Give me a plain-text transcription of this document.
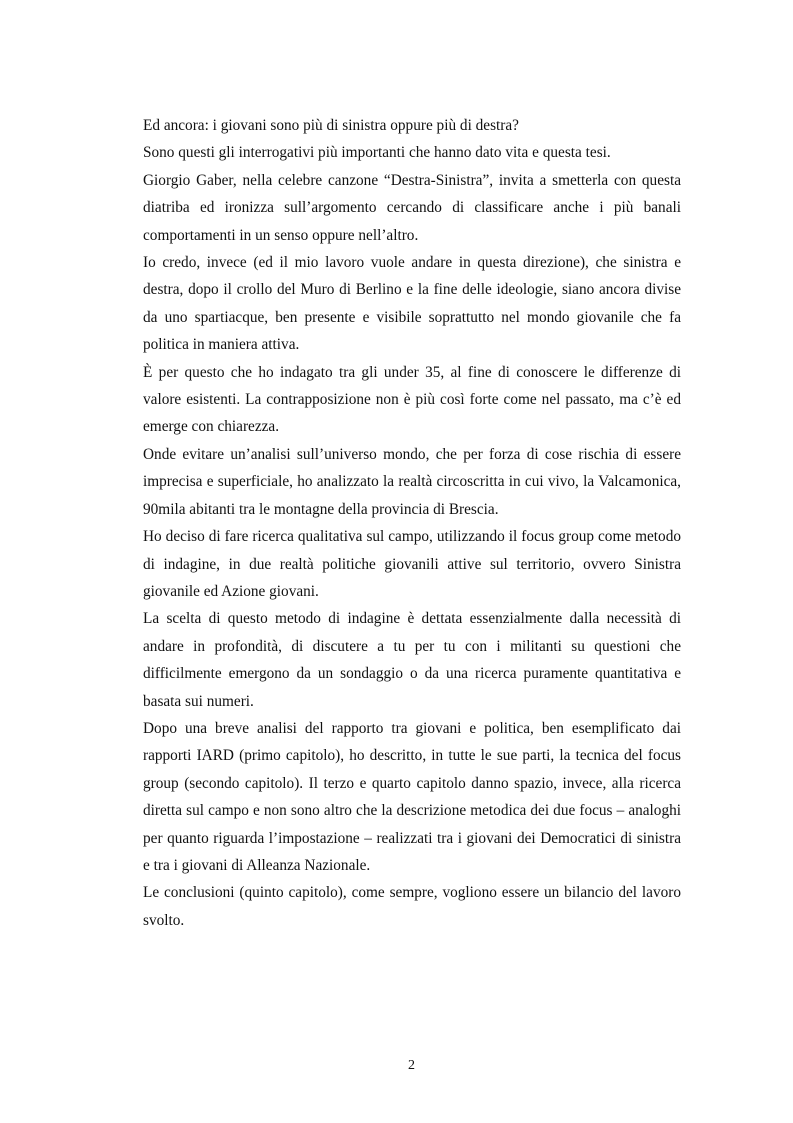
Ed ancora: i giovani sono più di sinistra oppure più di destra?

Sono questi gli interrogativi più importanti che hanno dato vita e questa tesi.

Giorgio Gaber, nella celebre canzone “Destra-Sinistra”, invita a smetterla con questa diatriba ed ironizza sull’argomento cercando di classificare anche i più banali comportamenti in un senso oppure nell’altro.

Io credo, invece (ed il mio lavoro vuole andare in questa direzione), che sinistra e destra, dopo il crollo del Muro di Berlino e la fine delle ideologie, siano ancora divise da uno spartiacque, ben presente e visibile soprattutto nel mondo giovanile che fa politica in maniera attiva.

È per questo che ho indagato tra gli under 35, al fine di conoscere le differenze di valore esistenti. La contrapposizione non è più così forte come nel passato, ma c’è ed emerge con chiarezza.

Onde evitare un’analisi sull’universo mondo, che per forza di cose rischia di essere imprecisa e superficiale, ho analizzato la realtà circoscritta in cui vivo, la Valcamonica, 90mila abitanti tra le montagne della provincia di Brescia.

Ho deciso di fare ricerca qualitativa sul campo, utilizzando il focus group come metodo di indagine, in due realtà politiche giovanili attive sul territorio, ovvero Sinistra giovanile ed Azione giovani.

La scelta di questo metodo di indagine è dettata essenzialmente dalla necessità di andare in profondità, di discutere a tu per tu con i militanti su questioni che difficilmente emergono da un sondaggio o da una ricerca puramente quantitativa e basata sui numeri.

Dopo una breve analisi del rapporto tra giovani e politica, ben esemplificato dai rapporti IARD (primo capitolo), ho descritto, in tutte le sue parti, la tecnica del focus group (secondo capitolo). Il terzo e quarto capitolo danno spazio, invece, alla ricerca diretta sul campo e non sono altro che la descrizione metodica dei due focus – analoghi per quanto riguarda l’impostazione – realizzati tra i giovani dei Democratici di sinistra e tra i giovani di Alleanza Nazionale.

Le conclusioni (quinto capitolo), come sempre, vogliono essere un bilancio del lavoro svolto.

2
